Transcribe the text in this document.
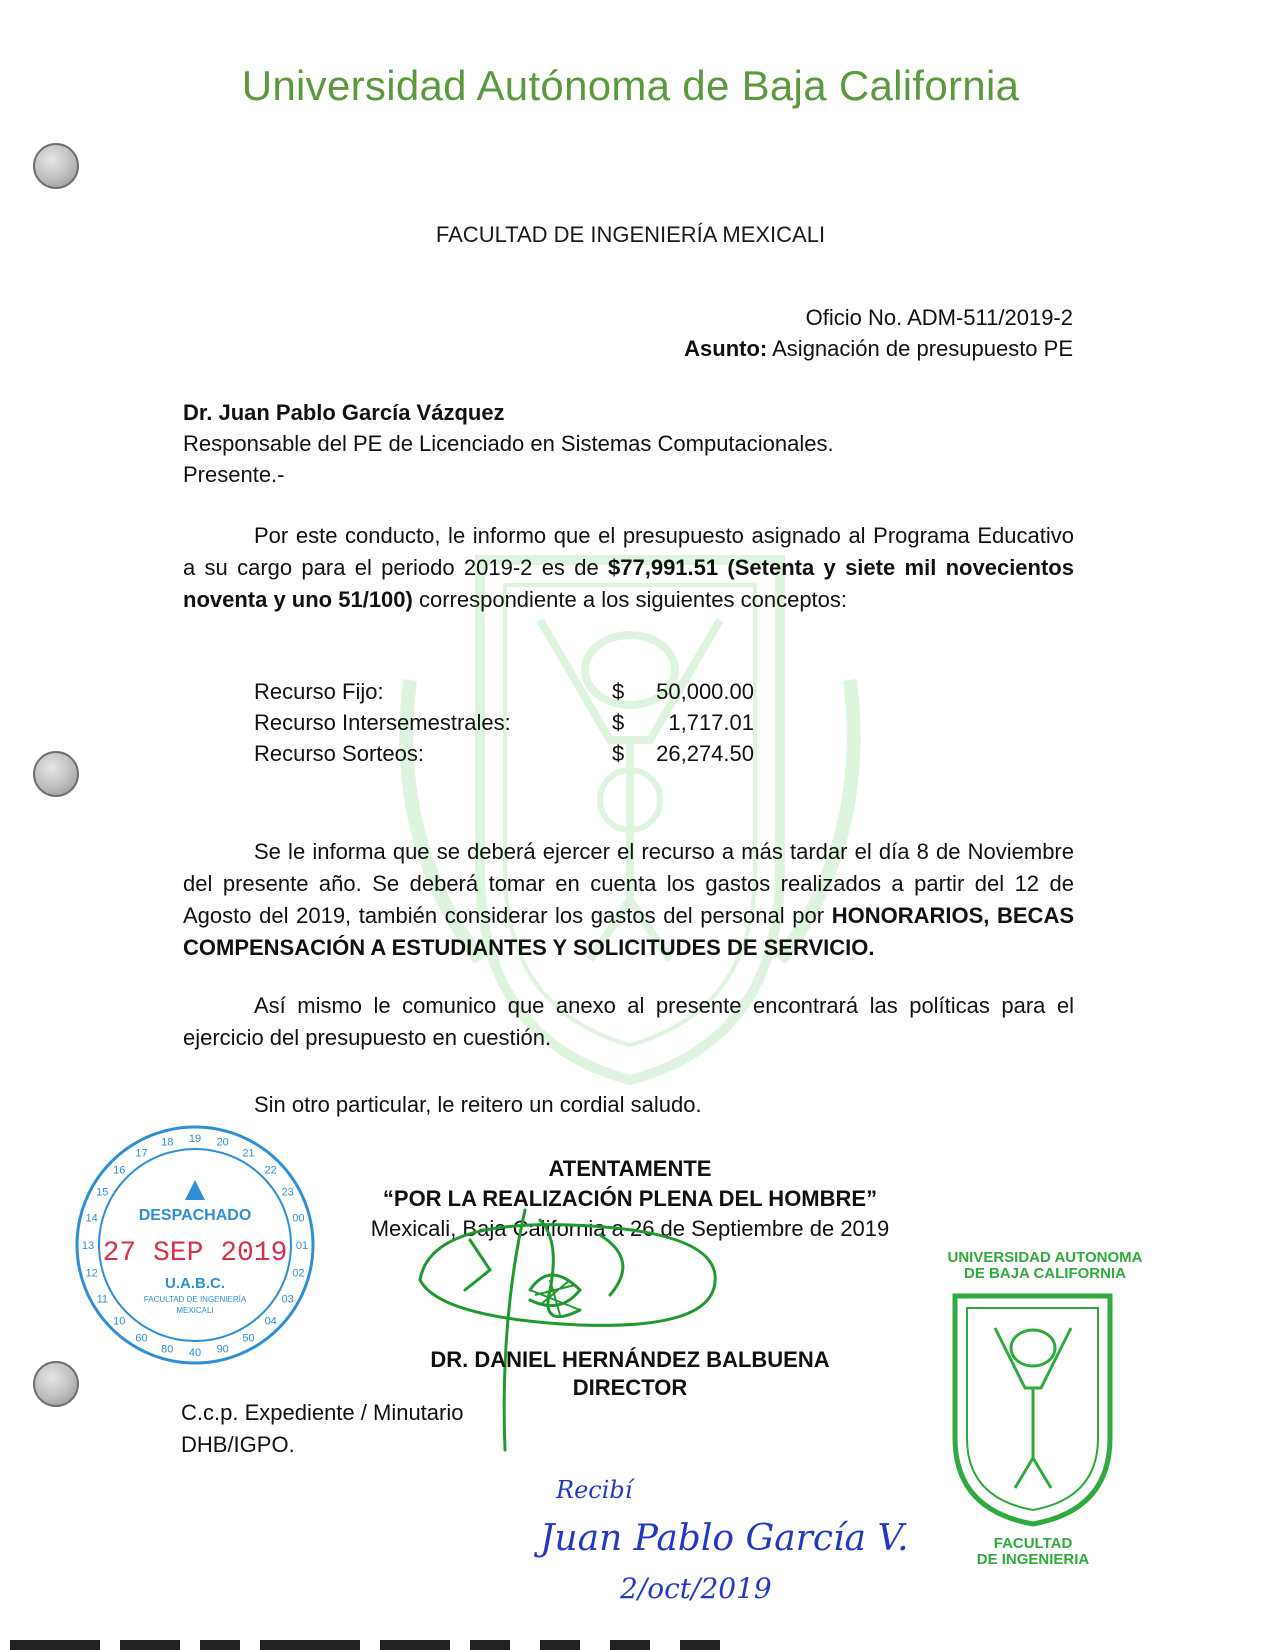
Universidad Autónoma de Baja California
FACULTAD DE INGENIERÍA MEXICALI
Oficio No. ADM-511/2019-2
Asunto: Asignación de presupuesto PE
Dr. Juan Pablo García Vázquez
Responsable del PE de Licenciado en Sistemas Computacionales.
Presente.-
Por este conducto, le informo que el presupuesto asignado al Programa Educativo a su cargo para el periodo 2019-2 es de $77,991.51 (Setenta y siete mil novecientos noventa y uno 51/100) correspondiente a los siguientes conceptos:
Recurso Fijo:	$	50,000.00
Recurso Intersemestrales:	$	1,717.01
Recurso Sorteos:	$	26,274.50
Se le informa que se deberá ejercer el recurso a más tardar el día 8 de Noviembre del presente año. Se deberá tomar en cuenta los gastos realizados a partir del 12 de Agosto del 2019, también considerar los gastos del personal por HONORARIOS, BECAS COMPENSACIÓN A ESTUDIANTES Y SOLICITUDES DE SERVICIO.
Así mismo le comunico que anexo al presente encontrará las políticas para el ejercicio del presupuesto en cuestión.
Sin otro particular, le reitero un cordial saludo.
ATENTAMENTE
“POR LA REALIZACIÓN PLENA DEL HOMBRE”
Mexicali, Baja California a 26 de Septiembre de 2019
DR. DANIEL HERNÁNDEZ BALBUENA
DIRECTOR
C.c.p. Expediente / Minutario
DHB/IGPO.
17
18 19 20
21
22
23
00
01
02
03
04
50
90
40
80
60
10
11
12
13
14
15
16
DESPACHADO
27 SEP 2019
U.A.B.C.
FACULTAD DE INGENIERÍA
MEXICALI
UNIVERSIDAD AUTONOMA
DE BAJA CALIFORNIA
FACULTAD
DE INGENIERIA
Recibí
Juan Pablo García V.
2/oct/2019
